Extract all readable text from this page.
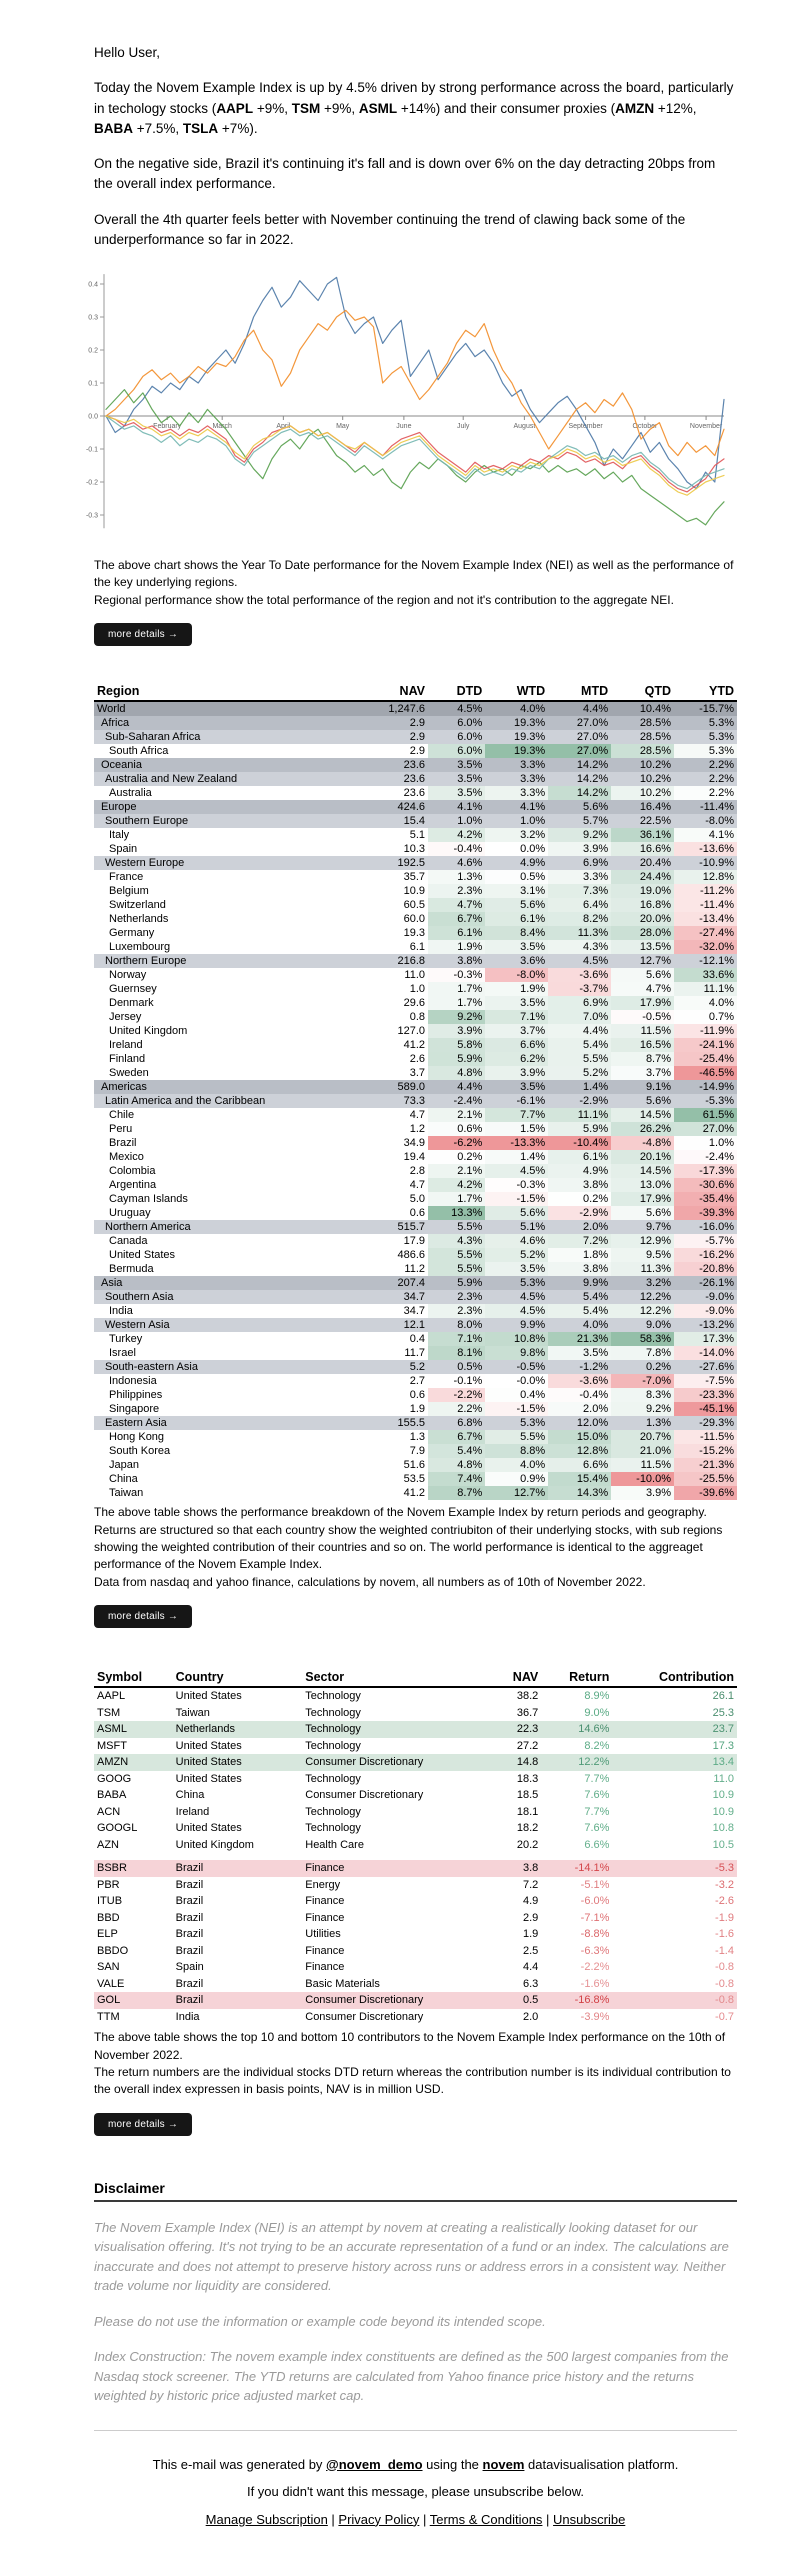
Hello User,

Today the Novem Example Index is up by 4.5% driven by strong performance across the board, particularly in techology stocks (AAPL +9%, TSM +9%, ASML +14%) and their consumer proxies (AMZN +12%, BABA +7.5%, TSLA +7%).

On the negative side, Brazil it's continuing it's fall and is down over 6% on the day detracting 20bps from the overall index performance.

Overall the 4th quarter feels better with November continuing the trend of clawing back some of the underperformance so far in 2022.

0.4
0.3
0.2
0.1
0.0
-0.1
-0.2
-0.3
February	March	April	May	June	July	August	September	October	November
The above chart shows the Year To Date performance for the Novem Example Index (NEI) as well as the performance of the key underlying regions.
Regional performance show the total performance of the region and not it's contribution to the aggregate NEI.
more details →
Region	NAV	DTD	WTD	MTD	QTD	YTD
World	1,247.6	4.5%	4.0%	4.4%	10.4%	-15.7%
Africa	2.9	6.0%	19.3%	27.0%	28.5%	5.3%
Sub-Saharan Africa	2.9	6.0%	19.3%	27.0%	28.5%	5.3%
South Africa	2.9	6.0%	19.3%	27.0%	28.5%	5.3%
Oceania	23.6	3.5%	3.3%	14.2%	10.2%	2.2%
Australia and New Zealand	23.6	3.5%	3.3%	14.2%	10.2%	2.2%
Australia	23.6	3.5%	3.3%	14.2%	10.2%	2.2%
Europe	424.6	4.1%	4.1%	5.6%	16.4%	-11.4%
Southern Europe	15.4	1.0%	1.0%	5.7%	22.5%	-8.0%
Italy	5.1	4.2%	3.2%	9.2%	36.1%	4.1%
Spain	10.3	-0.4%	0.0%	3.9%	16.6%	-13.6%
Western Europe	192.5	4.6%	4.9%	6.9%	20.4%	-10.9%
France	35.7	1.3%	0.5%	3.3%	24.4%	12.8%
Belgium	10.9	2.3%	3.1%	7.3%	19.0%	-11.2%
Switzerland	60.5	4.7%	5.6%	6.4%	16.8%	-11.4%
Netherlands	60.0	6.7%	6.1%	8.2%	20.0%	-13.4%
Germany	19.3	6.1%	8.4%	11.3%	28.0%	-27.4%
Luxembourg	6.1	1.9%	3.5%	4.3%	13.5%	-32.0%
Northern Europe	216.8	3.8%	3.6%	4.5%	12.7%	-12.1%
Norway	11.0	-0.3%	-8.0%	-3.6%	5.6%	33.6%
Guernsey	1.0	1.7%	1.9%	-3.7%	4.7%	11.1%
Denmark	29.6	1.7%	3.5%	6.9%	17.9%	4.0%
Jersey	0.8	9.2%	7.1%	7.0%	-0.5%	0.7%
United Kingdom	127.0	3.9%	3.7%	4.4%	11.5%	-11.9%
Ireland	41.2	5.8%	6.6%	5.4%	16.5%	-24.1%
Finland	2.6	5.9%	6.2%	5.5%	8.7%	-25.4%
Sweden	3.7	4.8%	3.9%	5.2%	3.7%	-46.5%
Americas	589.0	4.4%	3.5%	1.4%	9.1%	-14.9%
Latin America and the Caribbean	73.3	-2.4%	-6.1%	-2.9%	5.6%	-5.3%
Chile	4.7	2.1%	7.7%	11.1%	14.5%	61.5%
Peru	1.2	0.6%	1.5%	5.9%	26.2%	27.0%
Brazil	34.9	-6.2%	-13.3%	-10.4%	-4.8%	1.0%
Mexico	19.4	0.2%	1.4%	6.1%	20.1%	-2.4%
Colombia	2.8	2.1%	4.5%	4.9%	14.5%	-17.3%
Argentina	4.7	4.2%	-0.3%	3.8%	13.0%	-30.6%
Cayman Islands	5.0	1.7%	-1.5%	0.2%	17.9%	-35.4%
Uruguay	0.6	13.3%	5.6%	-2.9%	5.6%	-39.3%
Northern America	515.7	5.5%	5.1%	2.0%	9.7%	-16.0%
Canada	17.9	4.3%	4.6%	7.2%	12.9%	-5.7%
United States	486.6	5.5%	5.2%	1.8%	9.5%	-16.2%
Bermuda	11.2	5.5%	3.5%	3.8%	11.3%	-20.8%
Asia	207.4	5.9%	5.3%	9.9%	3.2%	-26.1%
Southern Asia	34.7	2.3%	4.5%	5.4%	12.2%	-9.0%
India	34.7	2.3%	4.5%	5.4%	12.2%	-9.0%
Western Asia	12.1	8.0%	9.9%	4.0%	9.0%	-13.2%
Turkey	0.4	7.1%	10.8%	21.3%	58.3%	17.3%
Israel	11.7	8.1%	9.8%	3.5%	7.8%	-14.0%
South-eastern Asia	5.2	0.5%	-0.5%	-1.2%	0.2%	-27.6%
Indonesia	2.7	-0.1%	-0.0%	-3.6%	-7.0%	-7.5%
Philippines	0.6	-2.2%	0.4%	-0.4%	8.3%	-23.3%
Singapore	1.9	2.2%	-1.5%	2.0%	9.2%	-45.1%
Eastern Asia	155.5	6.8%	5.3%	12.0%	1.3%	-29.3%
Hong Kong	1.3	6.7%	5.5%	15.0%	20.7%	-11.5%
South Korea	7.9	5.4%	8.8%	12.8%	21.0%	-15.2%
Japan	51.6	4.8%	4.0%	6.6%	11.5%	-21.3%
China	53.5	7.4%	0.9%	15.4%	-10.0%	-25.5%
Taiwan	41.2	8.7%	12.7%	14.3%	3.9%	-39.6%
The above table shows the performance breakdown of the Novem Example Index by return periods and geography.
Returns are structured so that each country show the weighted contriubiton of their underlying stocks, with sub regions showing the weighted contribution of their countries and so on. The world performance is identical to the aggreaget performance of the Novem Example Index.
Data from nasdaq and yahoo finance, calculations by novem, all numbers as of 10th of November 2022.
more details →
Symbol	Country	Sector	NAV	Return	Contribution
AAPL	United States	Technology	38.2	8.9%	26.1
TSM	Taiwan	Technology	36.7	9.0%	25.3
ASML	Netherlands	Technology	22.3	14.6%	23.7
MSFT	United States	Technology	27.2	8.2%	17.3
AMZN	United States	Consumer Discretionary	14.8	12.2%	13.4
GOOG	United States	Technology	18.3	7.7%	11.0
BABA	China	Consumer Discretionary	18.5	7.6%	10.9
ACN	Ireland	Technology	18.1	7.7%	10.9
GOOGL	United States	Technology	18.2	7.6%	10.8
AZN	United Kingdom	Health Care	20.2	6.6%	10.5

BSBR	Brazil	Finance	3.8	-14.1%	-5.3
PBR	Brazil	Energy	7.2	-5.1%	-3.2
ITUB	Brazil	Finance	4.9	-6.0%	-2.6
BBD	Brazil	Finance	2.9	-7.1%	-1.9
ELP	Brazil	Utilities	1.9	-8.8%	-1.6
BBDO	Brazil	Finance	2.5	-6.3%	-1.4
SAN	Spain	Finance	4.4	-2.2%	-0.8
VALE	Brazil	Basic Materials	6.3	-1.6%	-0.8
GOL	Brazil	Consumer Discretionary	0.5	-16.8%	-0.8
TTM	India	Consumer Discretionary	2.0	-3.9%	-0.7
The above table shows the top 10 and bottom 10 contributors to the Novem Example Index performance on the 10th of November 2022.
The return numbers are the individual stocks DTD return whereas the contribution number is its individual contribution to the overall index expressen in basis points, NAV is in million USD.
more details →
Disclaimer

The Novem Example Index (NEI) is an attempt by novem at creating a realistically looking dataset for our visualisation offering. It's not trying to be an accurate representation of a fund or an index. The calculations are inaccurate and does not attempt to preserve history across runs or address errors in a consistent way. Neither trade volume nor liquidity are considered.

Please do not use the information or example code beyond its intended scope.

Index Construction: The novem example index constituents are defined as the 500 largest companies from the Nasdaq stock screener. The YTD returns are calculated from Yahoo finance price history and the returns weighted by historic price adjusted market cap.

This e-mail was generated by @novem_demo using the novem datavisualisation platform.
If you didn't want this message, please unsubscribe below.
Manage Subscription | Privacy Policy | Terms & Conditions | Unsubscribe
